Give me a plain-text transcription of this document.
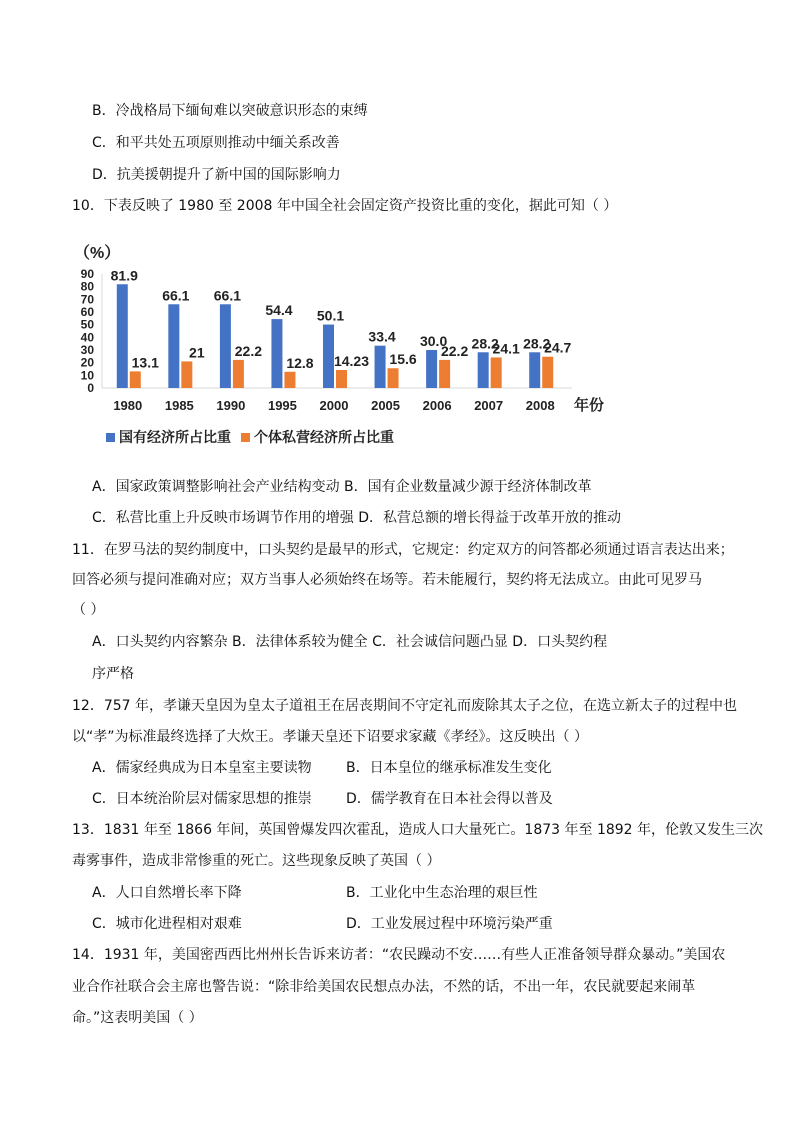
B．冷战格局下缅甸难以突破意识形态的束缚
C．和平共处五项原则推动中缅关系改善
D．抗美援朝提升了新中国的国际影响力
10．下表反映了 1980 至 2008 年中国全社会固定资产投资比重的变化，据此可知（ ）
（%）
90
80
70
60
50
40
30
20
10
0
81.9
13.1
1980
66.1
21
1985
66.1
22.2
1990
54.4
12.8
1995
50.1
14.23
2000
33.4
15.6
2005
30.0
22.2
2006
28.2
24.1
2007
28.2
24.7
2008 年份
国有经济所占比重 个体私营经济所占比重
A．国家政策调整影响社会产业结构变动 B．国有企业数量减少源于经济体制改革
C．私营比重上升反映市场调节作用的增强 D．私营总额的增长得益于改革开放的推动
11．在罗马法的契约制度中，口头契约是最早的形式，它规定：约定双方的问答都必须通过语言表达出来；
回答必须与提问准确对应；双方当事人必须始终在场等。若未能履行，契约将无法成立。由此可见罗马
（ ）
A．口头契约内容繁杂 B．法律体系较为健全 C．社会诚信问题凸显 D．口头契约程
序严格
12．757 年，孝谦天皇因为皇太子道祖王在居丧期间不守定礼而废除其太子之位，在选立新太子的过程中也
以“孝”为标准最终选择了大炊王。孝谦天皇还下诏要求家藏《孝经》。这反映出（ ）
A．儒家经典成为日本皇室主要读物 B．日本皇位的继承标准发生变化
C．日本统治阶层对儒家思想的推崇 D．儒学教育在日本社会得以普及
13．1831 年至 1866 年间，英国曾爆发四次霍乱，造成人口大量死亡。1873 年至 1892 年，伦敦又发生三次
毒雾事件，造成非常惨重的死亡。这些现象反映了英国（ ）
A．人口自然增长率下降	B．工业化中生态治理的艰巨性
C．城市化进程相对艰难	D．工业发展过程中环境污染严重
14．1931 年，美国密西西比州州长告诉来访者：“农民躁动不安……有些人正准备领导群众暴动。”美国农
业合作社联合会主席也警告说：“除非给美国农民想点办法，不然的话，不出一年，农民就要起来闹革
命。”这表明美国（ ）
